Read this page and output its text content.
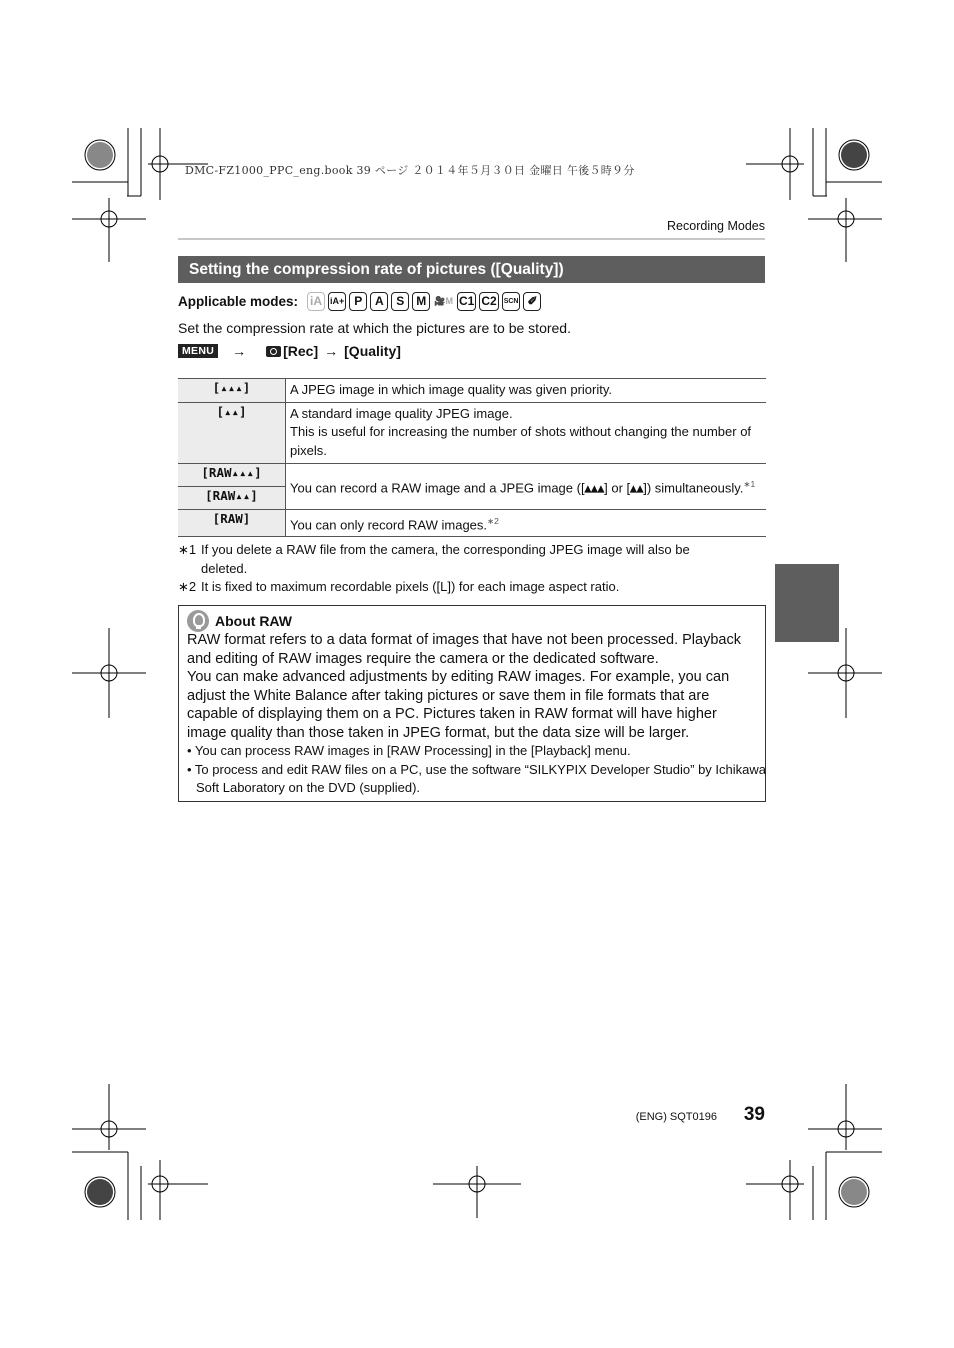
DMC-FZ1000_PPC_eng.book 39 ページ ２０１４年５月３０日 金曜日 午後５時９分
Recording Modes
Setting the compression rate of pictures ([Quality])
Applicable modes: iA iA+ P	A	S	M 🎥M C1 C2 SCN ✐
Set the compression rate at which the pictures are to be stored.
MENU →	[Rec] → [Quality]
[▴▴▴]	A JPEG image in which image quality was given priority.
[▴▴]	A standard image quality JPEG image.
This is useful for increasing the number of shots without changing the number of pixels.

[RAW▴▴▴]	You can record a RAW image and a JPEG image ([▴▴▴] or [▴▴]) simultaneously.$^{∗1}$
[RAW▴▴]	
[RAW]	You can only record RAW images.$^{∗2}$
∗1 If you delete a RAW file from the camera, the corresponding JPEG image will also be
deleted.
∗2 It is fixed to maximum recordable pixels ([L]) for each image aspect ratio.
About RAW

RAW format refers to a data format of images that have not been processed. Playback and editing of RAW images require the camera or the dedicated software.

You can make advanced adjustments by editing RAW images. For example, you can adjust the White Balance after taking pictures or save them in file formats that are capable of displaying them on a PC. Pictures taken in RAW format will have higher image quality than those taken in JPEG format, but the data size will be larger.

• You can process RAW images in [RAW Processing] in the [Playback] menu.
• To process and edit RAW files on a PC, use the software “SILKYPIX Developer Studio” by Ichikawa Soft Laboratory on the DVD (supplied).
(ENG) SQT0196 39
